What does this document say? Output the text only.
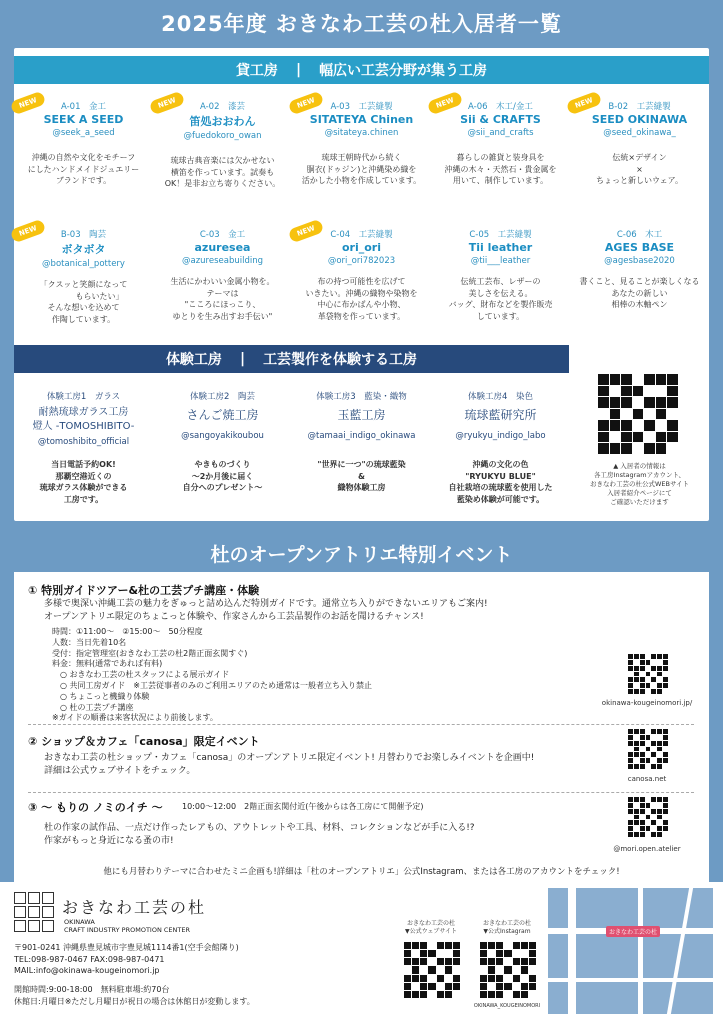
2025年度 おきなわ工芸の杜入居者一覧
貸工房 | 幅広い工芸分野が集う工房
NEW	A-01　金工
SEEK A SEED
@seek_a_seed
沖縄の自然や文化をモチーフ
にしたハンドメイドジュエリー
ブランドです。
NEW	A-02　漆芸
笛処おおわん
@fuedokoro_owan
琉球古典音楽には欠かせない
横笛を作っています。試奏も
OK！是非お立ち寄りください。
NEW	A-03　工芸縫製
SITATEYA Chinen
@sitateya.chinen
琉球王朝時代から続く
胴衣(ドゥジン)と沖縄染め織を
活かした小物を作成しています。
NEW	A-06　木工/金工
Sii & CRAFTS
@sii_and_crafts
暮らしの雑貨と装身具を
沖縄の木々・天然石・貴金属を
用いて、制作しています。
NEW	B-02　工芸縫製
SEED OKINAWA
@seed_okinawa_
伝統×デザイン
×
ちょっと新しいウェア。
NEW	B-03　陶芸
ボタボタ
@botanical_pottery
「クスッと笑顔になって
　　　　もらいたい」
そんな想いを込めて
作陶しています。
C-03　金工
azuresea
@azureseabuilding
生活にかわいい金属小物を。
テーマは
"こころにほっこり、
ゆとりを生み出すお手伝い"
NEW	C-04　工芸縫製
ori_ori
@ori_ori782023
布の持つ可能性を広げて
いきたい。沖縄の織物や染物を
中心に布かばんや小物、
革袋物を作っています。
C-05　工芸縫製
Tii leather
@tii___leather
伝統工芸布、レザーの
美しさを伝える。
バッグ、財布などを製作販売
しています。
C-06　木工
AGES BASE
@agesbase2020
書くこと、見ることが楽しくなる
あなたの新しい
相棒の木軸ペン
体験工房 | 工芸製作を体験する工房
体験工房1　ガラス
耐熱琉球ガラス工房
燈人 -TOMOSHIBITO-
@tomoshibito_official
当日電話予約OK!
那覇空港近くの
琉球ガラス体験ができる
工房です。
体験工房2　陶芸
さんご焼工房
@sangoyakikoubou
やきものづくり
〜2か月後に届く
自分へのプレゼント〜
体験工房3　藍染・織物
玉藍工房
@tamaai_indigo_okinawa
"世界に一つ"の琉球藍染
&
織物体験工房
体験工房4　染色
琉球藍研究所
@ryukyu_indigo_labo
沖縄の文化の色
"RYUKYU BLUE"
自社栽培の琉球藍を使用した
藍染め体験が可能です。
▲ 入居者の情報は
各工房Instagramアカウント、
おきなわ工芸の杜公式WEBサイト
入居者紹介ページにて
ご確認いただけます
杜のオープンアトリエ特別イベント
① 特別ガイドツアー&杜の工芸プチ講座・体験
多様で奥深い沖縄工芸の魅力をぎゅっと詰め込んだ特別ガイドです。通常立ち入りができないエリアもご案内!
オープンアトリエ限定のちょこっと体験や、作家さんから工芸品製作のお話を聞けるチャンス!
時間：①11:00〜　②15:00〜　50分程度
人数：当日先着10名
受付：指定管理室(おきなわ工芸の杜2階正面玄関すぐ)
料金：無料(通常であれば有料)
　○ おきなわ工芸の杜スタッフによる展示ガイド
　○ 共同工房ガイド　※工芸従事者のみのご利用エリアのため通常は一般者立ち入り禁止
　○ ちょこっと機織り体験
　○ 杜の工芸プチ講座
※ガイドの順番は来客状況により前後します。
okinawa-kougeinomori.jp/
② ショップ＆カフェ「canosa」限定イベント
おきなわ工芸の杜ショップ・カフェ「canosa」のオープンアトリエ限定イベント! 月替わりでお楽しみイベントを企画中!
詳細は公式ウェブサイトをチェック。
canosa.net
③ 〜 もりの ノミのイチ 〜 10:00〜12:00　2階正面玄関付近(午後からは各工房にて開催予定)
杜の作家の試作品、一点だけ作ったレアもの、アウトレットや工具、材料、コレクションなどが手に入る!?
作家がもっと身近になる蚤の市!
@mori.open.atelier
他にも月替わりテーマに合わせたミニ企画も!詳細は「杜のオープンアトリエ」公式Instagram、または各工房のアカウントをチェック!
おきなわ工芸の杜
OKINAWA
CRAFT INDUSTRY PROMOTION CENTER
〒901-0241 沖縄県豊見城市字豊見城1114番1(空手会館隣り)
TEL:098-987-0467 FAX:098-987-0471
MAIL:info@okinawa-kougeinomori.jp
開館時間:9:00-18:00　無料駐車場:約70台
休館日:月曜日※ただし月曜日が祝日の場合は休館日が変動します。
おきなわ工芸の杜
▼公式ウェブサイト
おきなわ工芸の杜
▼公式Instagram
OKINAWA_KOUGEINOMORI
おきなわ工芸の杜
